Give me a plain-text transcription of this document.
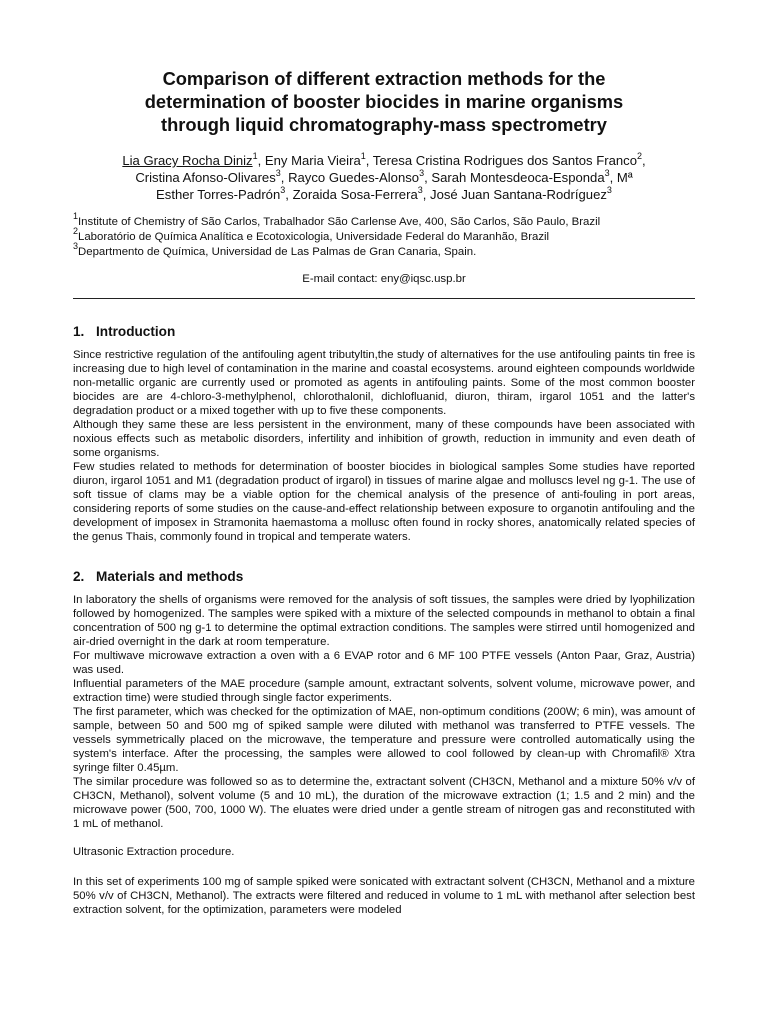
Comparison of different extraction methods for the
determination of booster biocides in marine organisms
through liquid chromatography-mass spectrometry
Lia Gracy Rocha Diniz$^1$, Eny Maria Vieira$^1$, Teresa Cristina Rodrigues dos Santos Franco$^2$,
Cristina Afonso-Olivares$^3$, Rayco Guedes-Alonso$^3$, Sarah Montesdeoca-Esponda$^3$, Mª
Esther Torres-Padrón$^3$, Zoraida Sosa-Ferrera$^3$, José Juan Santana-Rodríguez$^3$

$^1$Institute of Chemistry of São Carlos, Trabalhador São Carlense Ave, 400, São Carlos, São Paulo, Brazil

$^2$Laboratório de Química Analítica e Ecotoxicologia, Universidade Federal do Maranhão, Brazil

$^3$Departmento de Química, Universidad de Las Palmas de Gran Canaria, Spain.

E-mail contact: eny@iqsc.usp.br
1. Introduction

Since restrictive regulation of the antifouling agent tributyltin,the study of alternatives for the use antifouling paints tin free is increasing due to high level of contamination in the marine and coastal ecosystems. around eighteen compounds worldwide non-metallic organic are currently used or promoted as agents in antifouling paints. Some of the most common booster biocides are are 4-chloro-3-methylphenol, chlorothalonil, dichlofluanid, diuron, thiram, irgarol 1051 and the latter's degradation product or a mixed together with up to five these components.

Although they same these are less persistent in the environment, many of these compounds have been associated with noxious effects such as metabolic disorders, infertility and inhibition of growth, reduction in immunity and even death of some organisms.

Few studies related to methods for determination of booster biocides in biological samples Some studies have reported diuron, irgarol 1051 and M1 (degradation product of irgarol) in tissues of marine algae and molluscs level ng g-1. The use of soft tissue of clams may be a viable option for the chemical analysis of the presence of anti-fouling in port areas, considering reports of some studies on the cause-and-effect relationship between exposure to organotin antifouling and the development of imposex in Stramonita haemastoma a mollusc often found in rocky shores, anatomically related species of the genus Thais, commonly found in tropical and temperate waters.

2. Materials and methods

In laboratory the shells of organisms were removed for the analysis of soft tissues, the samples were dried by lyophilization followed by homogenized. The samples were spiked with a mixture of the selected compounds in methanol to obtain a final concentration of 500 ng g-1 to determine the optimal extraction conditions. The samples were stirred until homogenized and air-dried overnight in the dark at room temperature.

For multiwave microwave extraction a oven with a 6 EVAP rotor and 6 MF 100 PTFE vessels (Anton Paar, Graz, Austria) was used.

Influential parameters of the MAE procedure (sample amount, extractant solvents, solvent volume, microwave power, and extraction time) were studied through single factor experiments.

The first parameter, which was checked for the optimization of MAE, non-optimum conditions (200W; 6 min), was amount of sample, between 50 and 500 mg of spiked sample were diluted with methanol was transferred to PTFE vessels. The vessels symmetrically placed on the microwave, the temperature and pressure were controlled automatically using the system's interface. After the processing, the samples were allowed to cool followed by clean-up with Chromafil® Xtra syringe filter 0.45µm.

The similar procedure was followed so as to determine the, extractant solvent (CH3CN, Methanol and a mixture 50% v/v of CH3CN, Methanol), solvent volume (5 and 10 mL), the duration of the microwave extraction (1; 1.5 and 2 min) and the microwave power (500, 700, 1000 W). The eluates were dried under a gentle stream of nitrogen gas and reconstituted with 1 mL of methanol.

Ultrasonic Extraction procedure.

In this set of experiments 100 mg of sample spiked were sonicated with extractant solvent (CH3CN, Methanol and a mixture 50% v/v of CH3CN, Methanol). The extracts were filtered and reduced in volume to 1 mL with methanol after selection best extraction solvent, for the optimization, parameters were modeled
